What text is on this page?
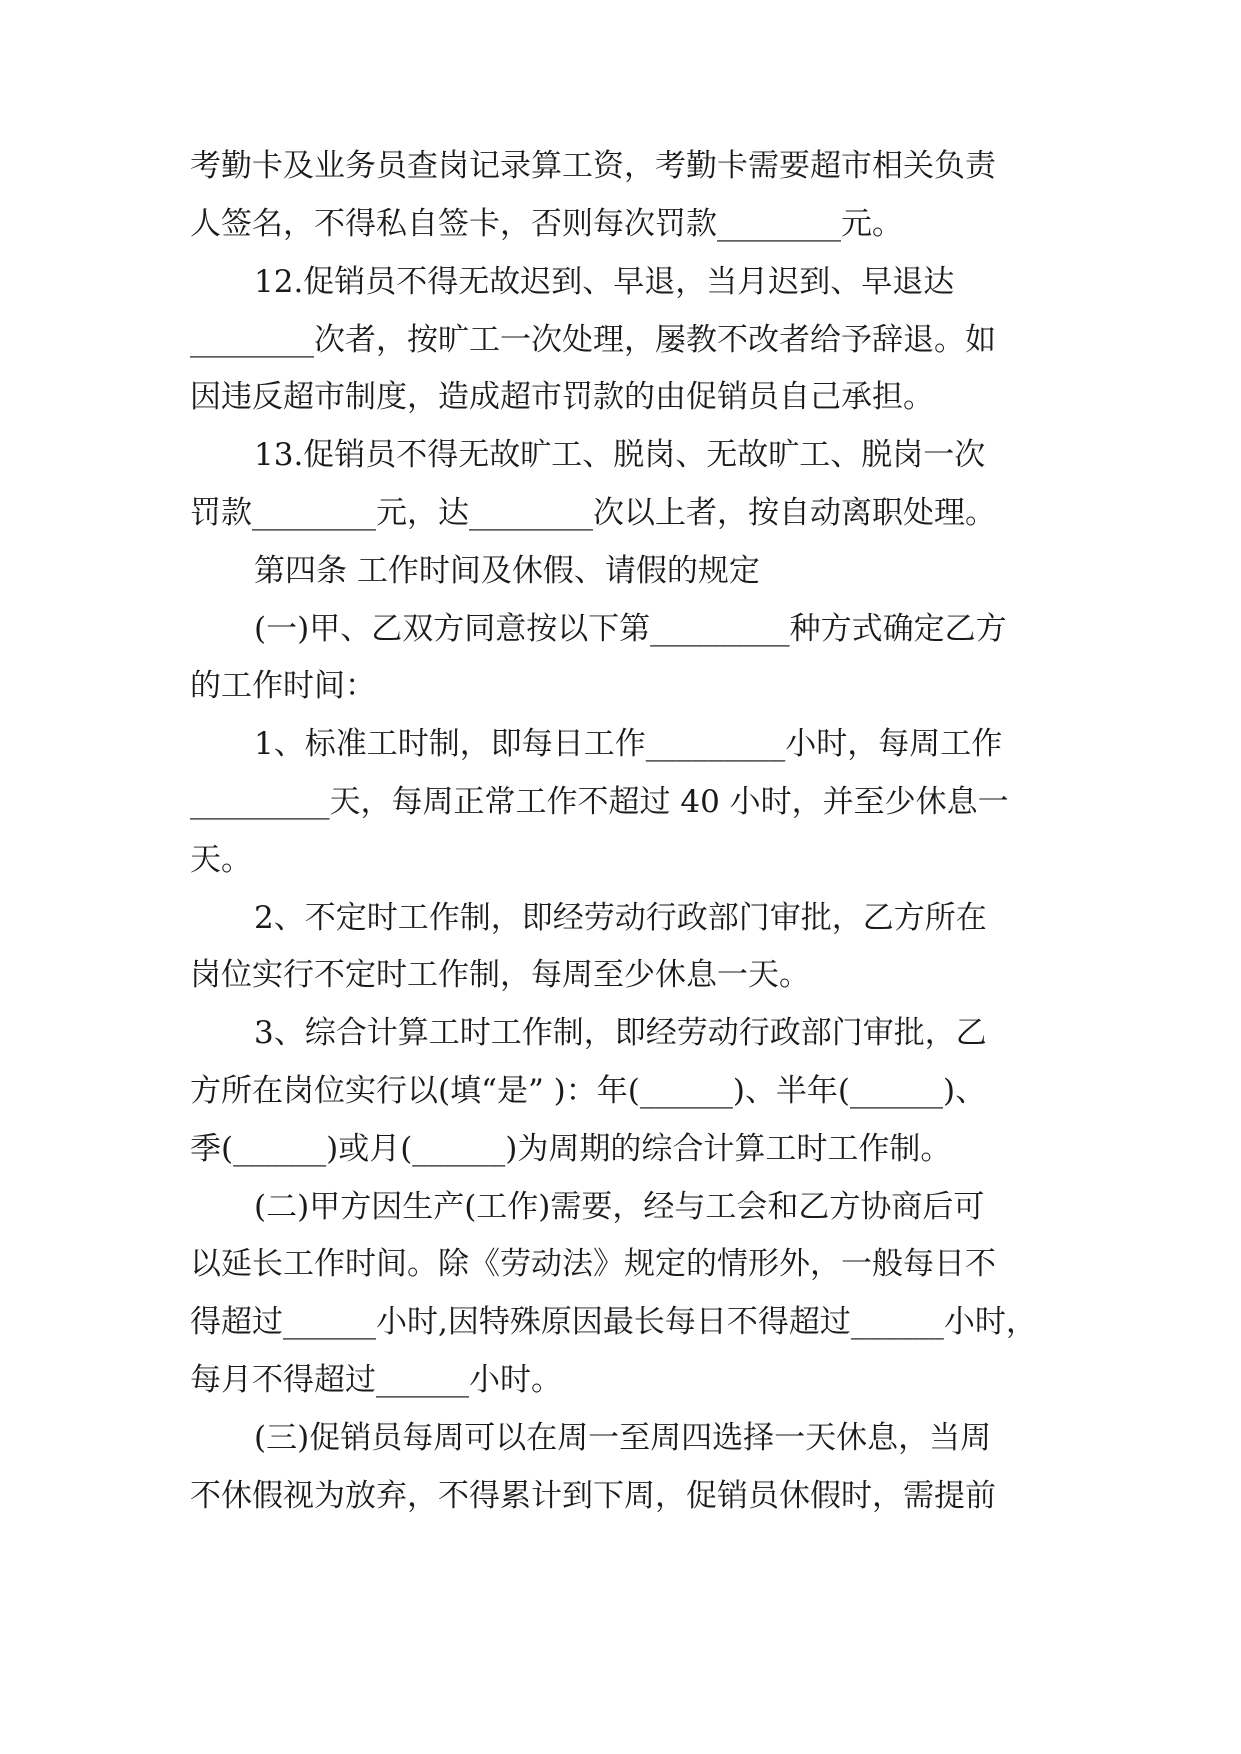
考勤卡及业务员查岗记录算工资，考勤卡需要超市相关负责
人签名，不得私自签卡，否则每次罚款________元。
12.促销员不得无故迟到、早退，当月迟到、早退达
________次者，按旷工一次处理，屡教不改者给予辞退。如
因违反超市制度，造成超市罚款的由促销员自己承担。
13.促销员不得无故旷工、脱岗、无故旷工、脱岗一次
罚款________元，达________次以上者，按自动离职处理。
第四条 工作时间及休假、请假的规定
(一)甲、乙双方同意按以下第_________种方式确定乙方
的工作时间：
1、标准工时制，即每日工作_________小时，每周工作
_________天，每周正常工作不超过 40 小时，并至少休息一
天。
2、不定时工作制，即经劳动行政部门审批，乙方所在
岗位实行不定时工作制，每周至少休息一天。
3、综合计算工时工作制，即经劳动行政部门审批，乙
方所在岗位实行以(填“是” )：年(______)、半年(______)、
季(______)或月(______)为周期的综合计算工时工作制。
(二)甲方因生产(工作)需要，经与工会和乙方协商后可
以延长工作时间。除《劳动法》规定的情形外，一般每日不
得超过______小时,因特殊原因最长每日不得超过______小时，
每月不得超过______小时。
(三)促销员每周可以在周一至周四选择一天休息，当周
不休假视为放弃，不得累计到下周，促销员休假时，需提前
